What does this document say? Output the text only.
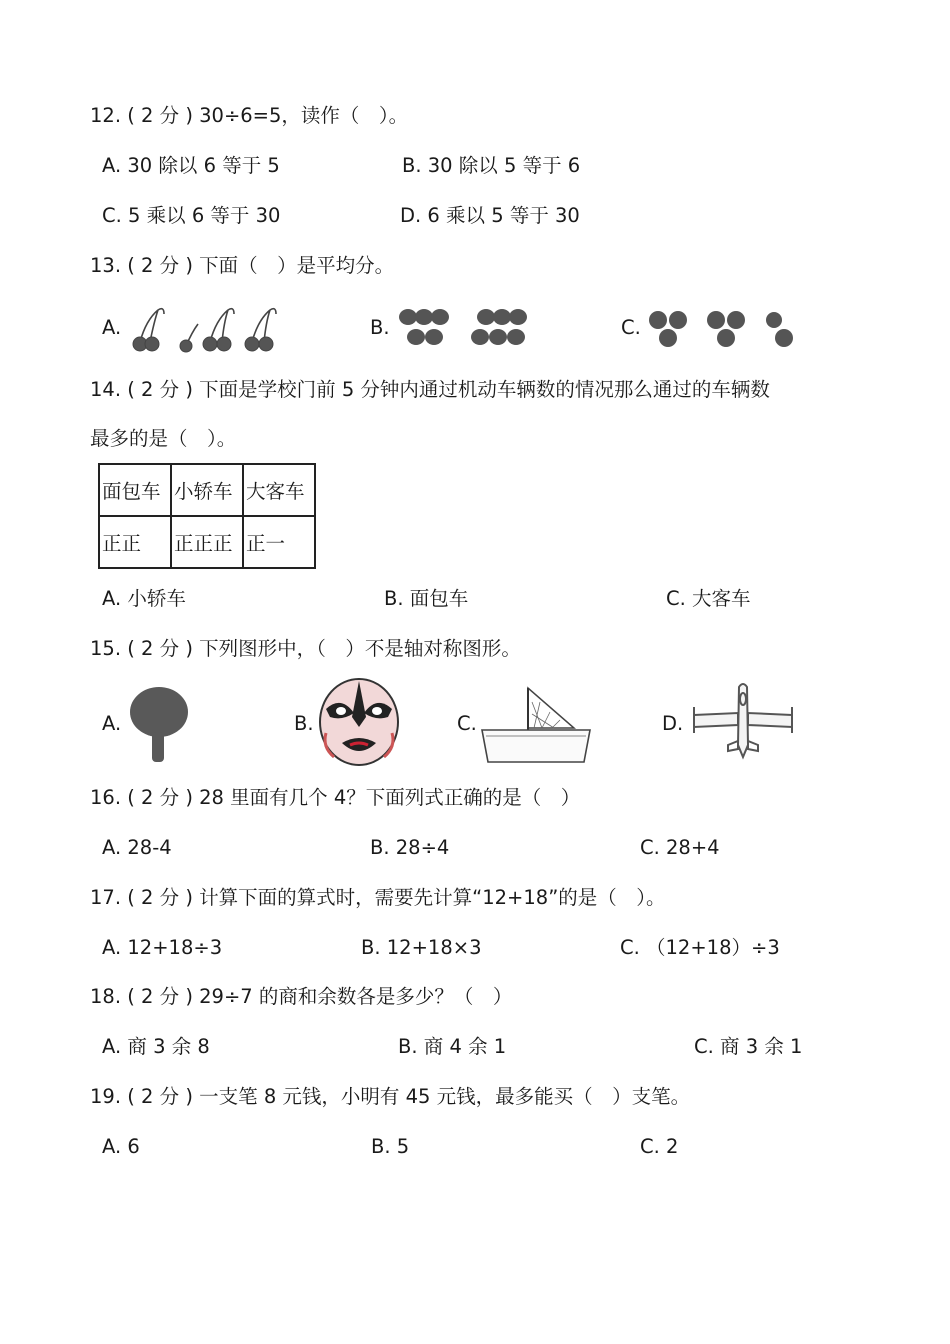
12. ( 2 分 ) 30÷6=5，读作（　）。
A. 30 除以 6 等于 5	B. 30 除以 5 等于 6
C. 5 乘以 6 等于 30	D. 6 乘以 5 等于 30
13. ( 2 分 ) 下面（　）是平均分。
A.	B.	C.
14. ( 2 分 ) 下面是学校门前 5 分钟内通过机动车辆数的情况那么通过的车辆数
最多的是（　）。
面包车	小轿车	大客车
正正	正正正	正一
A. 小轿车	B. 面包车	C. 大客车
15. ( 2 分 ) 下列图形中，（　）不是轴对称图形。
A.	B.	C.	D.
16. ( 2 分 ) 28 里面有几个 4？下面列式正确的是（　）
A. 28-4	B. 28÷4	C. 28+4
17. ( 2 分 ) 计算下面的算式时，需要先计算“12+18”的是（　）。
A. 12+18÷3	B. 12+18×3	C. （12+18）÷3
18. ( 2 分 ) 29÷7 的商和余数各是多少？（　）
A. 商 3 余 8	B. 商 4 余 1	C. 商 3 余 1
19. ( 2 分 ) 一支笔 8 元钱，小明有 45 元钱，最多能买（　）支笔。
A. 6	B. 5	C. 2
